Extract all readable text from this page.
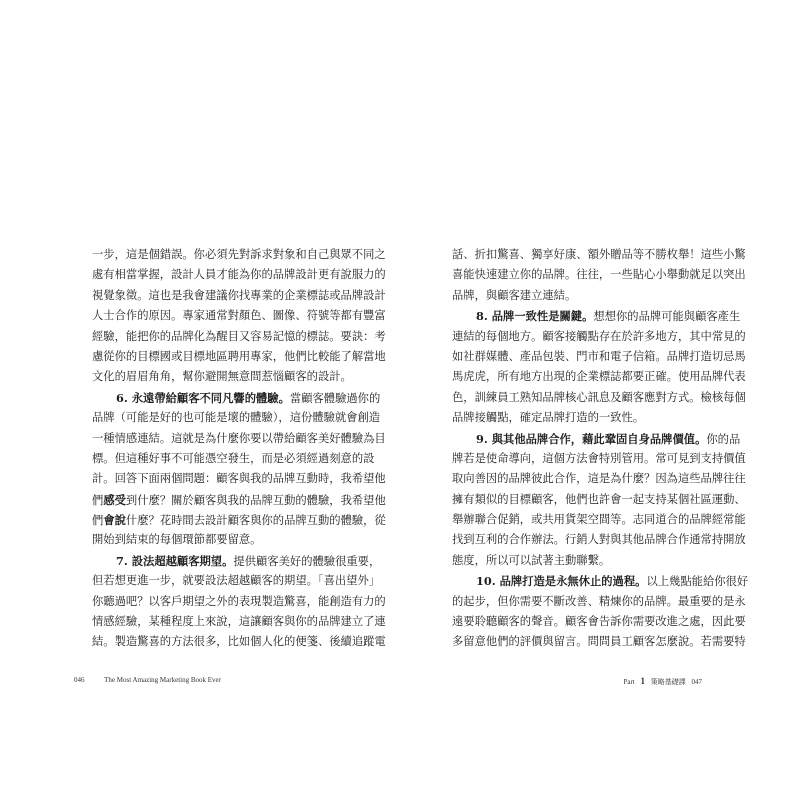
一步，這是個錯誤。你必須先對訴求對象和自己與眾不同之
處有相當掌握，設計人員才能為你的品牌設計更有說服力的
視覺象徵。這也是我會建議你找專業的企業標誌或品牌設計
人士合作的原因。專家通常對顏色、圖像、符號等都有豐富
經驗，能把你的品牌化為醒目又容易記憶的標誌。要訣：考
慮從你的目標國或目標地區聘用專家，他們比較能了解當地
文化的眉眉角角，幫你避開無意間惹惱顧客的設計。
6. 永遠帶給顧客不同凡響的體驗。當顧客體驗過你的
品牌（可能是好的也可能是壞的體驗），這份體驗就會創造
一種情感連結。這就是為什麼你要以帶給顧客美好體驗為目
標。但這種好事不可能憑空發生，而是必須經過刻意的設
計。回答下面兩個問題：顧客與我的品牌互動時，我希望他
們感受到什麼？關於顧客與我的品牌互動的體驗，我希望他
們會說什麼？花時間去設計顧客與你的品牌互動的體驗，從
開始到結束的每個環節都要留意。
7. 設法超越顧客期望。提供顧客美好的體驗很重要，
但若想更進一步，就要設法超越顧客的期望。「喜出望外」
你聽過吧？以客戶期望之外的表現製造驚喜，能創造有力的
情感經驗，某種程度上來說，這讓顧客與你的品牌建立了連
結。製造驚喜的方法很多，比如個人化的便箋、後續追蹤電
話、折扣驚喜、獨享好康、額外贈品等不勝枚舉！這些小驚
喜能快速建立你的品牌。往往，一些貼心小舉動就足以突出
品牌，與顧客建立連結。
8. 品牌一致性是關鍵。想想你的品牌可能與顧客產生
連結的每個地方。顧客接觸點存在於許多地方，其中常見的
如社群媒體、產品包裝、門市和電子信箱。品牌打造切忌馬
馬虎虎，所有地方出現的企業標誌都要正確。使用品牌代表
色，訓練員工熟知品牌核心訊息及顧客應對方式。檢核每個
品牌接觸點，確定品牌打造的一致性。
9. 與其他品牌合作，藉此鞏固自身品牌價值。你的品
牌若是使命導向，這個方法會特別管用。常可見到支持價值
取向善因的品牌彼此合作，這是為什麼？因為這些品牌往往
擁有類似的目標顧客，他們也許會一起支持某個社區運動、
舉辦聯合促銷，或共用貨架空間等。志同道合的品牌經常能
找到互利的合作辦法。行銷人對與其他品牌合作通常持開放
態度，所以可以試著主動聯繫。
10. 品牌打造是永無休止的過程。以上幾點能給你很好
的起步，但你需要不斷改善、精煉你的品牌。最重要的是永
遠要聆聽顧客的聲音。顧客會告訴你需要改進之處，因此要
多留意他們的評價與留言。問問員工顧客怎麼說。若需要特
046	The Most Amazing Marketing Book Ever	Part 1 策略基礎課 047
